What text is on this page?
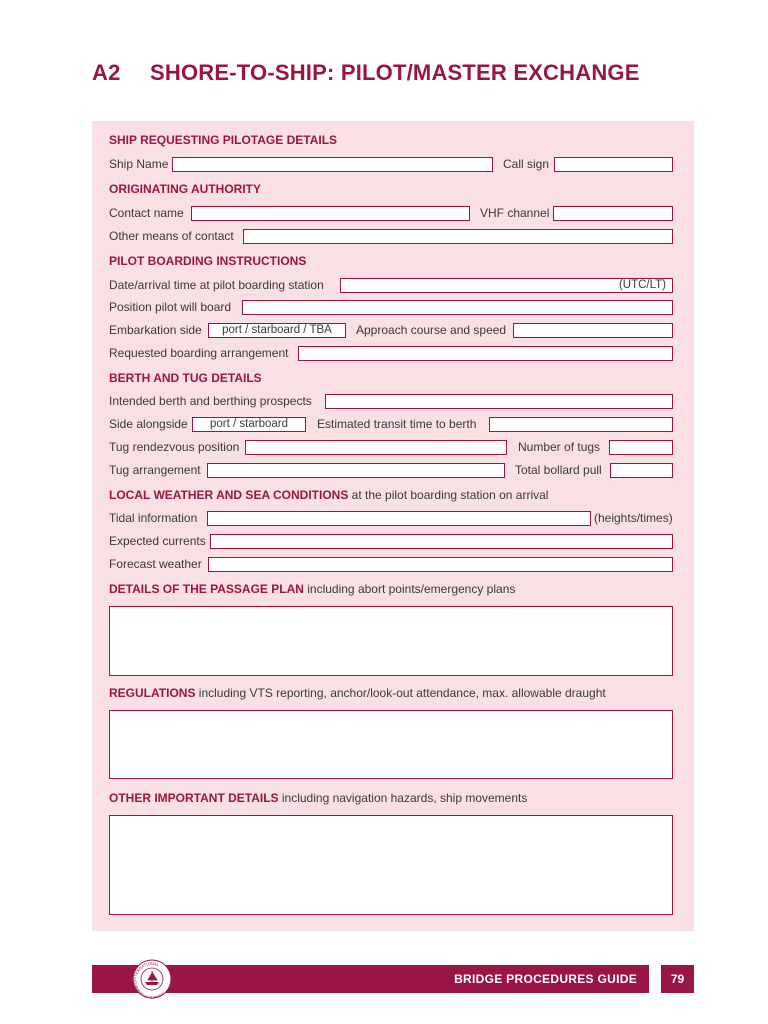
A2 SHORE-TO-SHIP: PILOT/MASTER EXCHANGE
SHIP REQUESTING PILOTAGE DETAILS
Ship Name	Call sign
ORIGINATING AUTHORITY
Contact name	VHF channel
Other means of contact
PILOT BOARDING INSTRUCTIONS
Date/arrival time at pilot boarding station	(UTC/LT)
Position pilot will board
Embarkation side	port / starboard / TBA	Approach course and speed
Requested boarding arrangement
BERTH AND TUG DETAILS
Intended berth and berthing prospects
Side alongside	port / starboard	Estimated transit time to berth
Tug rendezvous position	Number of tugs
Tug arrangement	Total bollard pull
LOCAL WEATHER AND SEA CONDITIONS at the pilot boarding station on arrival
Tidal information	(heights/times)
Expected currents
Forecast weather
DETAILS OF THE PASSAGE PLAN including abort points/emergency plans
REGULATIONS including VTS reporting, anchor/look-out attendance, max. allowable draught
OTHER IMPORTANT DETAILS including navigation hazards, ship movements
BRIDGE PROCEDURES GUIDE	79
INTERNATIONAL
CHAMBER OF SHIPPING
